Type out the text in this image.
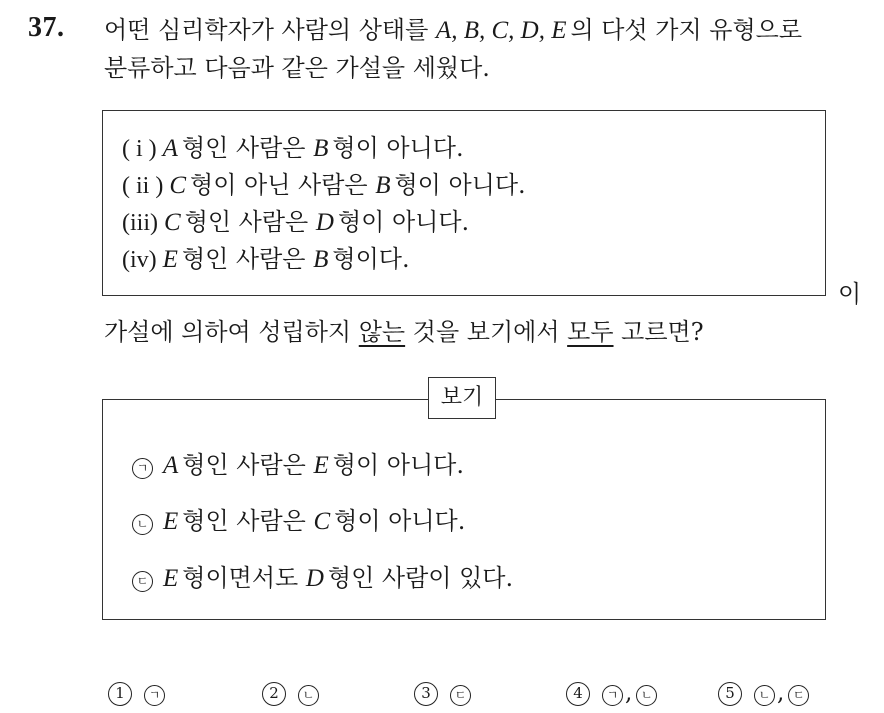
37. 어떤 심리학자가 사람의 상태를 A, B, C, D, E 의 다섯 가지 유형으로
분류하고 다음과 같은 가설을 세웠다.
( i ) A 형인 사람은 B 형이 아니다.
( ii ) C 형이 아닌 사람은 B 형이 아니다.
(iii) C 형인 사람은 D 형이 아니다.
(iv) E 형인 사람은 B 형이다.
이
가설에 의하여 성립하지 않는 것을 보기에서 모두 고르면?
보기
ㄱ A 형인 사람은 E 형이 아니다.
ㄴ E 형인 사람은 C 형이 아니다.
ㄷ E 형이면서도 D 형인 사람이 있다.
1 ㄱ	2 ㄴ	3 ㄷ	4 ㄱ , ㄴ	5 ㄴ , ㄷ
